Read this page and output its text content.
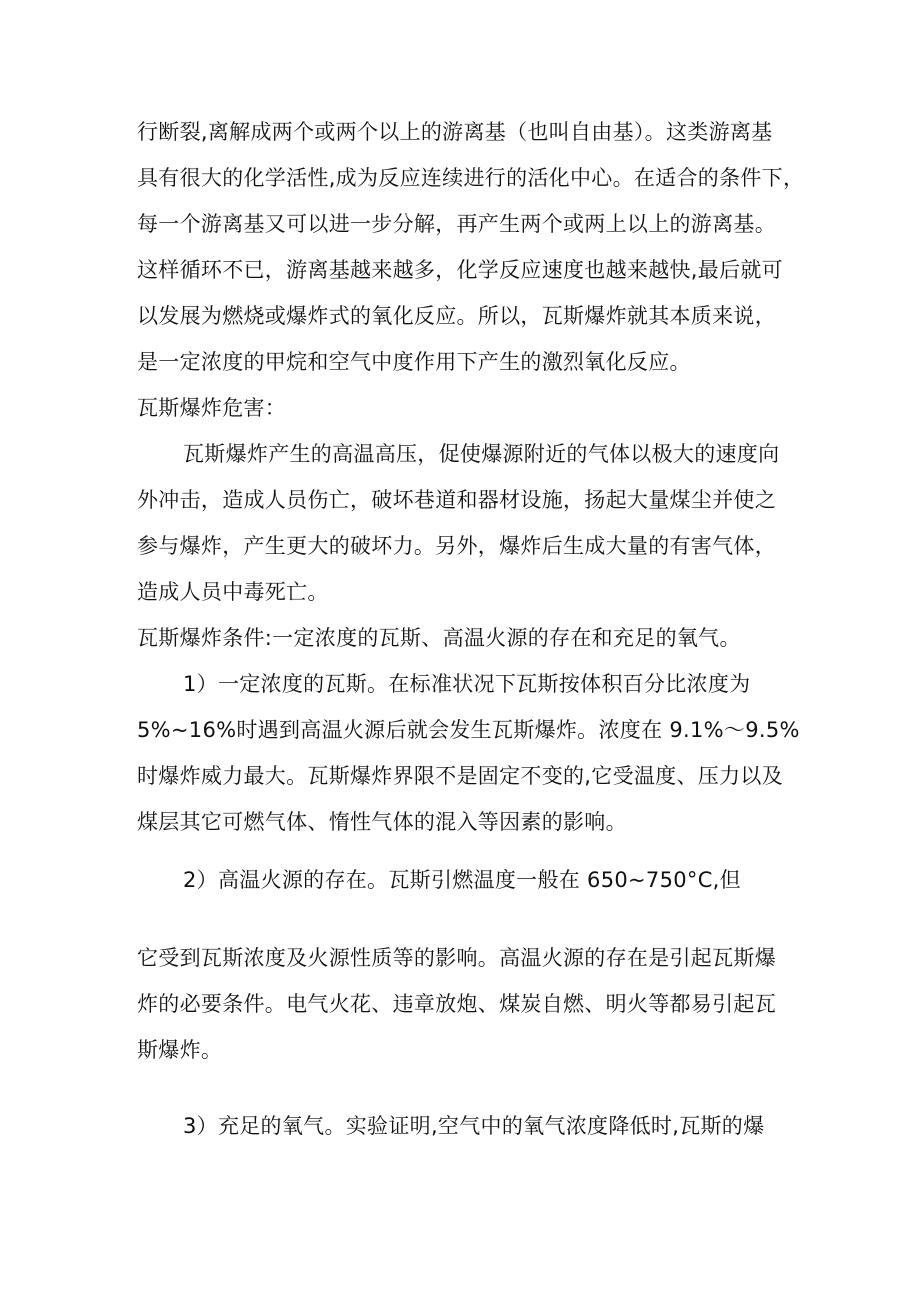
行断裂,离解成两个或两个以上的游离基（也叫自由基）。这类游离基
具有很大的化学活性,成为反应连续进行的活化中心。在适合的条件下，
每一个游离基又可以进一步分解，再产生两个或两上以上的游离基。
这样循环不已，游离基越来越多，化学反应速度也越来越快,最后就可
以发展为燃烧或爆炸式的氧化反应。所以，瓦斯爆炸就其本质来说，
是一定浓度的甲烷和空气中度作用下产生的激烈氧化反应。
瓦斯爆炸危害：
瓦斯爆炸产生的高温高压，促使爆源附近的气体以极大的速度向
外冲击，造成人员伤亡，破坏巷道和器材设施，扬起大量煤尘并使之
参与爆炸，产生更大的破坏力。另外，爆炸后生成大量的有害气体，
造成人员中毒死亡。
瓦斯爆炸条件:一定浓度的瓦斯、高温火源的存在和充足的氧气。
1）一定浓度的瓦斯。在标准状况下瓦斯按体积百分比浓度为
5%~16%时遇到高温火源后就会发生瓦斯爆炸。浓度在 9.1%～9.5%
时爆炸威力最大。瓦斯爆炸界限不是固定不变的,它受温度、压力以及
煤层其它可燃气体、惰性气体的混入等因素的影响。
2）高温火源的存在。瓦斯引燃温度一般在 650~750°C,但
它受到瓦斯浓度及火源性质等的影响。高温火源的存在是引起瓦斯爆
炸的必要条件。电气火花、违章放炮、煤炭自燃、明火等都易引起瓦
斯爆炸。
3）充足的氧气。实验证明,空气中的氧气浓度降低时,瓦斯的爆
